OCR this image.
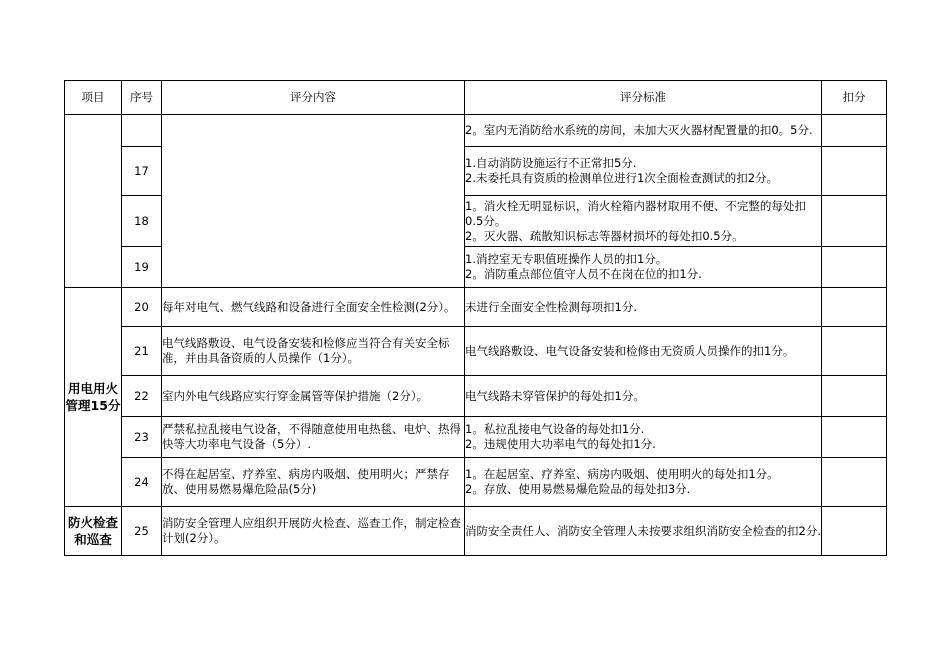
项目	序号	评分内容	评分标准	扣分

			2。室内无消防给水系统的房间，未加大灭火器材配置量的扣0。5分.	

	17		1.自动消防设施运行不正常扣5分.
2.未委托具有资质的检测单位进行1次全面检查测试的扣2分。	

	18		1。消火栓无明显标识，消火栓箱内器材取用不便、不完整的每处扣0.5分。
2。灭火器、疏散知识标志等器材损坏的每处扣0.5分。	

	19		1.消控室无专职值班操作人员的扣1分。
2。消防重点部位值守人员不在岗在位的扣1分.	

用电用火管理15分	20	每年对电气、燃气线路和设备进行全面安全性检测(2分）。	未进行全面安全性检测每项扣1分.	

	21	电气线路敷设、电气设备安装和检修应当符合有关安全标准，并由具备资质的人员操作（1分）。	电气线路敷设、电气设备安装和检修由无资质人员操作的扣1分。	

	22	室内外电气线路应实行穿金属管等保护措施（2分）。	电气线路未穿管保护的每处扣1分。	

	23	严禁私拉乱接电气设备，不得随意使用电热毯、电炉、热得快等大功率电气设备（5分）.	1。私拉乱接电气设备的每处扣1分.
2。违规使用大功率电气的每处扣1分.	

	24	不得在起居室、疗养室、病房内吸烟、使用明火；严禁存放、使用易燃易爆危险品(5分)	1。在起居室、疗养室、病房内吸烟、使用明火的每处扣1分。
2。存放、使用易燃易爆危险品的每处扣3分.	

防火检查和巡查	25	消防安全管理人应组织开展防火检查、巡查工作，制定检查计划(2分）。	消防安全责任人、消防安全管理人未按要求组织消防安全检查的扣2分.	
